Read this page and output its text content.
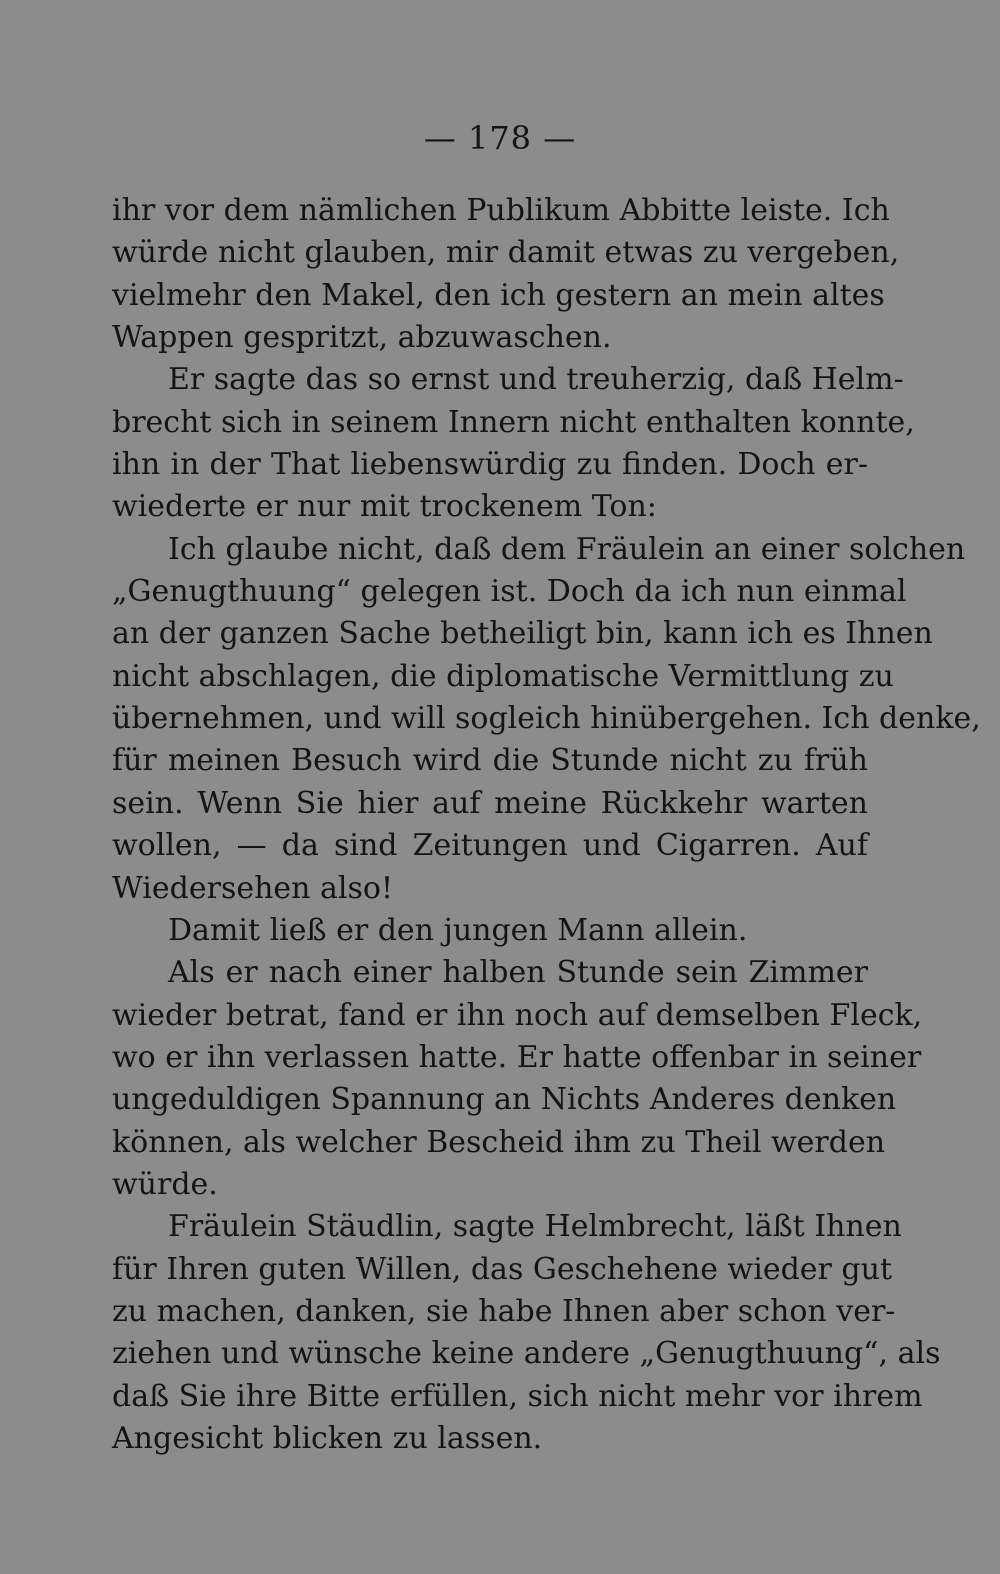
— 178 —
ihr vor dem nämlichen Publikum Abbitte leiste. Ich
würde nicht glauben, mir damit etwas zu vergeben,
vielmehr den Makel, den ich gestern an mein altes
Wappen gespritzt, abzuwaschen.
Er sagte das so ernst und treuherzig, daß Helm-
brecht sich in seinem Innern nicht enthalten konnte,
ihn in der That liebenswürdig zu finden. Doch er-
wiederte er nur mit trockenem Ton:
Ich glaube nicht, daß dem Fräulein an einer solchen
„Genugthuung“ gelegen ist. Doch da ich nun einmal
an der ganzen Sache betheiligt bin, kann ich es Ihnen
nicht abschlagen, die diplomatische Vermittlung zu
übernehmen, und will sogleich hinübergehen. Ich denke,
für meinen Besuch wird die Stunde nicht zu früh
sein. Wenn Sie hier auf meine Rückkehr warten
wollen, — da sind Zeitungen und Cigarren. Auf
Wiedersehen also!
Damit ließ er den jungen Mann allein.
Als er nach einer halben Stunde sein Zimmer
wieder betrat, fand er ihn noch auf demselben Fleck,
wo er ihn verlassen hatte. Er hatte offenbar in seiner
ungeduldigen Spannung an Nichts Anderes denken
können, als welcher Bescheid ihm zu Theil werden
würde.
Fräulein Stäudlin, sagte Helmbrecht, läßt Ihnen
für Ihren guten Willen, das Geschehene wieder gut
zu machen, danken, sie habe Ihnen aber schon ver-
ziehen und wünsche keine andere „Genugthuung“, als
daß Sie ihre Bitte erfüllen, sich nicht mehr vor ihrem
Angesicht blicken zu lassen.
